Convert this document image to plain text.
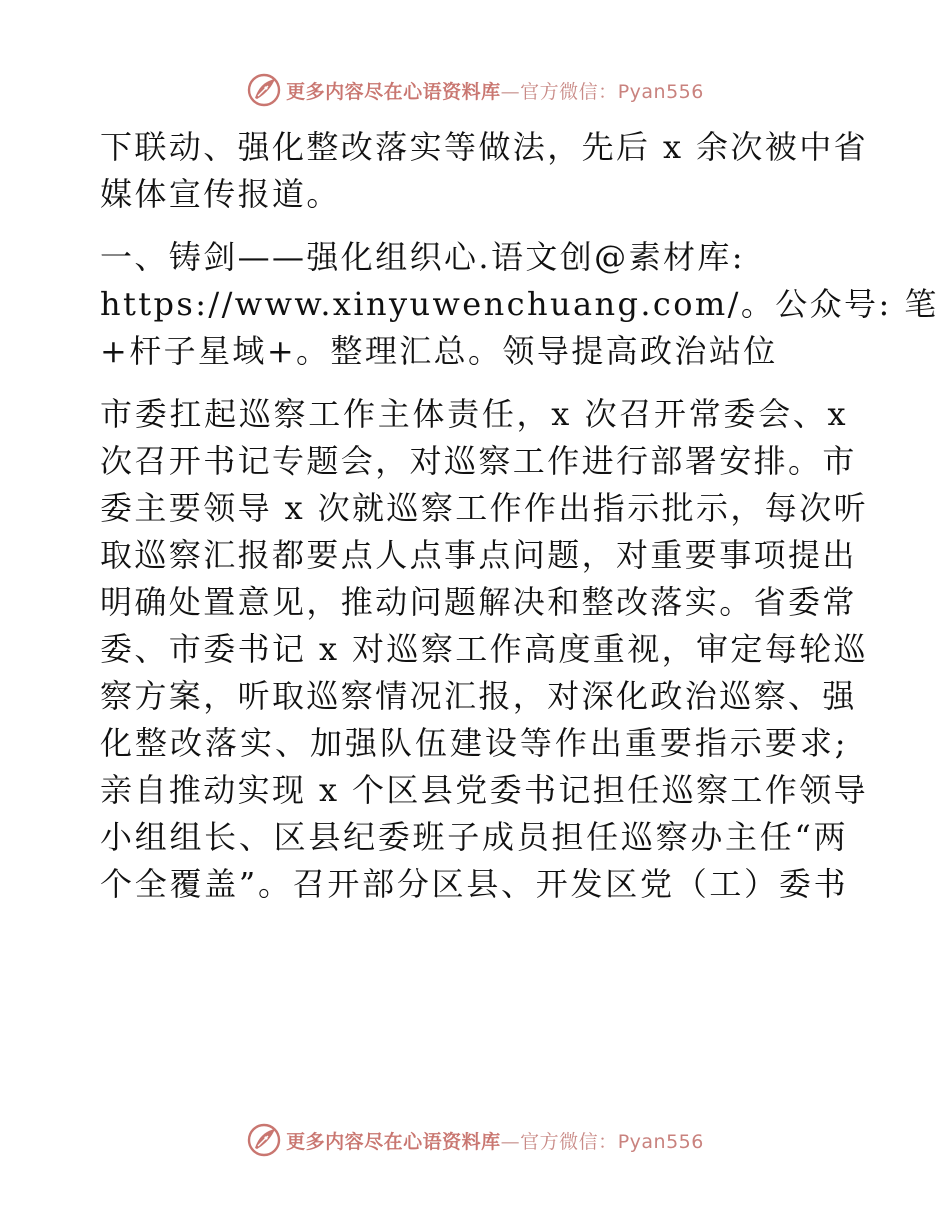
更多内容尽在心语资料库—官方微信：Pyan556
下联动、强化整改落实等做法，先后 x 余次被中省
媒体宣传报道。
一、铸剑——强化组织心.语文创@素材库:
https://www.xinyuwenchuang.com/。公众号: 笔
+杆子星域+。整理汇总。领导提高政治站位
市委扛起巡察工作主体责任，x 次召开常委会、x
次召开书记专题会，对巡察工作进行部署安排。市
委主要领导 x 次就巡察工作作出指示批示，每次听
取巡察汇报都要点人点事点问题，对重要事项提出
明确处置意见，推动问题解决和整改落实。省委常
委、市委书记 x 对巡察工作高度重视，审定每轮巡
察方案，听取巡察情况汇报，对深化政治巡察、强
化整改落实、加强队伍建设等作出重要指示要求;
亲自推动实现 x 个区县党委书记担任巡察工作领导
小组组长、区县纪委班子成员担任巡察办主任“两
个全覆盖”。召开部分区县、开发区党（工）委书
更多内容尽在心语资料库—官方微信：Pyan556
